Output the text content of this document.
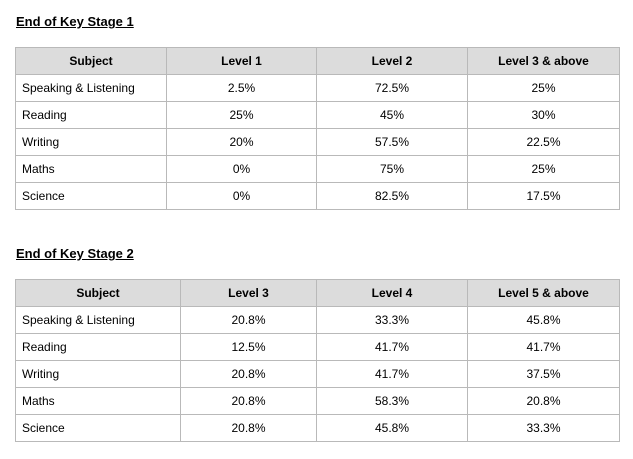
End of Key Stage 1
Subject	Level 1	Level 2	Level 3 & above
Speaking & Listening	2.5%	72.5%	25%
Reading	25%	45%	30%
Writing	20%	57.5%	22.5%
Maths	0%	75%	25%
Science	0%	82.5%	17.5%
End of Key Stage 2
Subject	Level 3	Level 4	Level 5 & above
Speaking & Listening	20.8%	33.3%	45.8%
Reading	12.5%	41.7%	41.7%
Writing	20.8%	41.7%	37.5%
Maths	20.8%	58.3%	20.8%
Science	20.8%	45.8%	33.3%
